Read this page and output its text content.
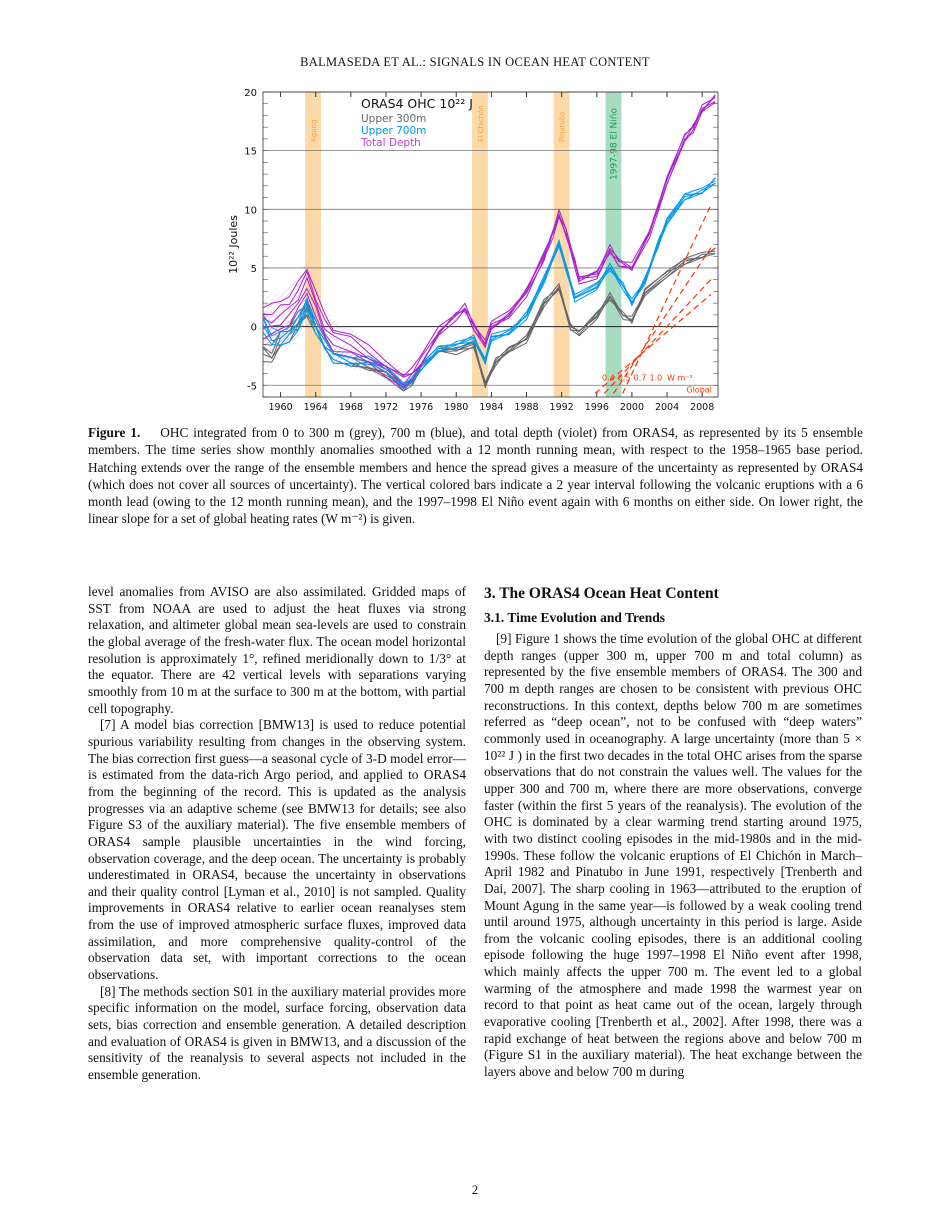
BALMASEDA ET AL.: SIGNALS IN OCEAN HEAT CONTENT
Agung	El Chichón	Pinatubo	1997-98 El Niño
-5
0
5
10
15
20
1960 1964 1968 1972 1976 1980 1984 1988 1992 1996 2000 2004 2008
10²² Joules
ORAS4 OHC 10²² J
Upper 300m
Upper 700m
Total Depth
0.4 0.5 0.7 1.0 W m⁻²
Global
Figure 1. OHC integrated from 0 to 300 m (grey), 700 m (blue), and total depth (violet) from ORAS4, as represented by its 5 ensemble members. The time series show monthly anomalies smoothed with a 12 month running mean, with respect to the 1958–1965 base period. Hatching extends over the range of the ensemble members and hence the spread gives a measure of the uncertainty as represented by ORAS4 (which does not cover all sources of uncertainty). The vertical colored bars indicate a 2 year interval following the volcanic eruptions with a 6 month lead (owing to the 12 month running mean), and the 1997–1998 El Niño event again with 6 months on either side. On lower right, the linear slope for a set of global heating rates (W m⁻²) is given.

level anomalies from AVISO are also assimilated. Gridded maps of SST from NOAA are used to adjust the heat fluxes via strong relaxation, and altimeter global mean sea-levels are used to constrain the global average of the fresh-water flux. The ocean model horizontal resolution is approximately 1°, refined meridionally down to 1/3° at the equator. There are 42 vertical levels with separations varying smoothly from 10 m at the surface to 300 m at the bottom, with partial cell topography.

[7] A model bias correction [BMW13] is used to reduce potential spurious variability resulting from changes in the observing system. The bias correction first guess—a seasonal cycle of 3-D model error—is estimated from the data-rich Argo period, and applied to ORAS4 from the beginning of the record. This is updated as the analysis progresses via an adaptive scheme (see BMW13 for details; see also Figure S3 of the auxiliary material). The five ensemble members of ORAS4 sample plausible uncertainties in the wind forcing, observation coverage, and the deep ocean. The uncertainty is probably underestimated in ORAS4, because the uncertainty in observations and their quality control [Lyman et al., 2010] is not sampled. Quality improvements in ORAS4 relative to earlier ocean reanalyses stem from the use of improved atmospheric surface fluxes, improved data assimilation, and more comprehensive quality-control of the observation data set, with important corrections to the ocean observations.

[8] The methods section S01 in the auxiliary material provides more specific information on the model, surface forcing, observation data sets, bias correction and ensemble generation. A detailed description and evaluation of ORAS4 is given in BMW13, and a discussion of the sensitivity of the reanalysis to several aspects not included in the ensemble generation.

3. The ORAS4 Ocean Heat Content
3.1. Time Evolution and Trends

[9] Figure 1 shows the time evolution of the global OHC at different depth ranges (upper 300 m, upper 700 m and total column) as represented by the five ensemble members of ORAS4. The 300 and 700 m depth ranges are chosen to be consistent with previous OHC reconstructions. In this context, depths below 700 m are sometimes referred as “deep ocean”, not to be confused with “deep waters” commonly used in oceanography. A large uncertainty (more than 5 × 10²² J ) in the first two decades in the total OHC arises from the sparse observations that do not constrain the values well. The values for the upper 300 and 700 m, where there are more observations, converge faster (within the first 5 years of the reanalysis). The evolution of the OHC is dominated by a clear warming trend starting around 1975, with two distinct cooling episodes in the mid-1980s and in the mid-1990s. These follow the volcanic eruptions of El Chichón in March–April 1982 and Pinatubo in June 1991, respectively [Trenberth and Dai, 2007]. The sharp cooling in 1963—attributed to the eruption of Mount Agung in the same year—is followed by a weak cooling trend until around 1975, although uncertainty in this period is large. Aside from the volcanic cooling episodes, there is an additional cooling episode following the huge 1997–1998 El Niño event after 1998, which mainly affects the upper 700 m. The event led to a global warming of the atmosphere and made 1998 the warmest year on record to that point as heat came out of the ocean, largely through evaporative cooling [Trenberth et al., 2002]. After 1998, there was a rapid exchange of heat between the regions above and below 700 m (Figure S1 in the auxiliary material). The heat exchange between the layers above and below 700 m during

2
